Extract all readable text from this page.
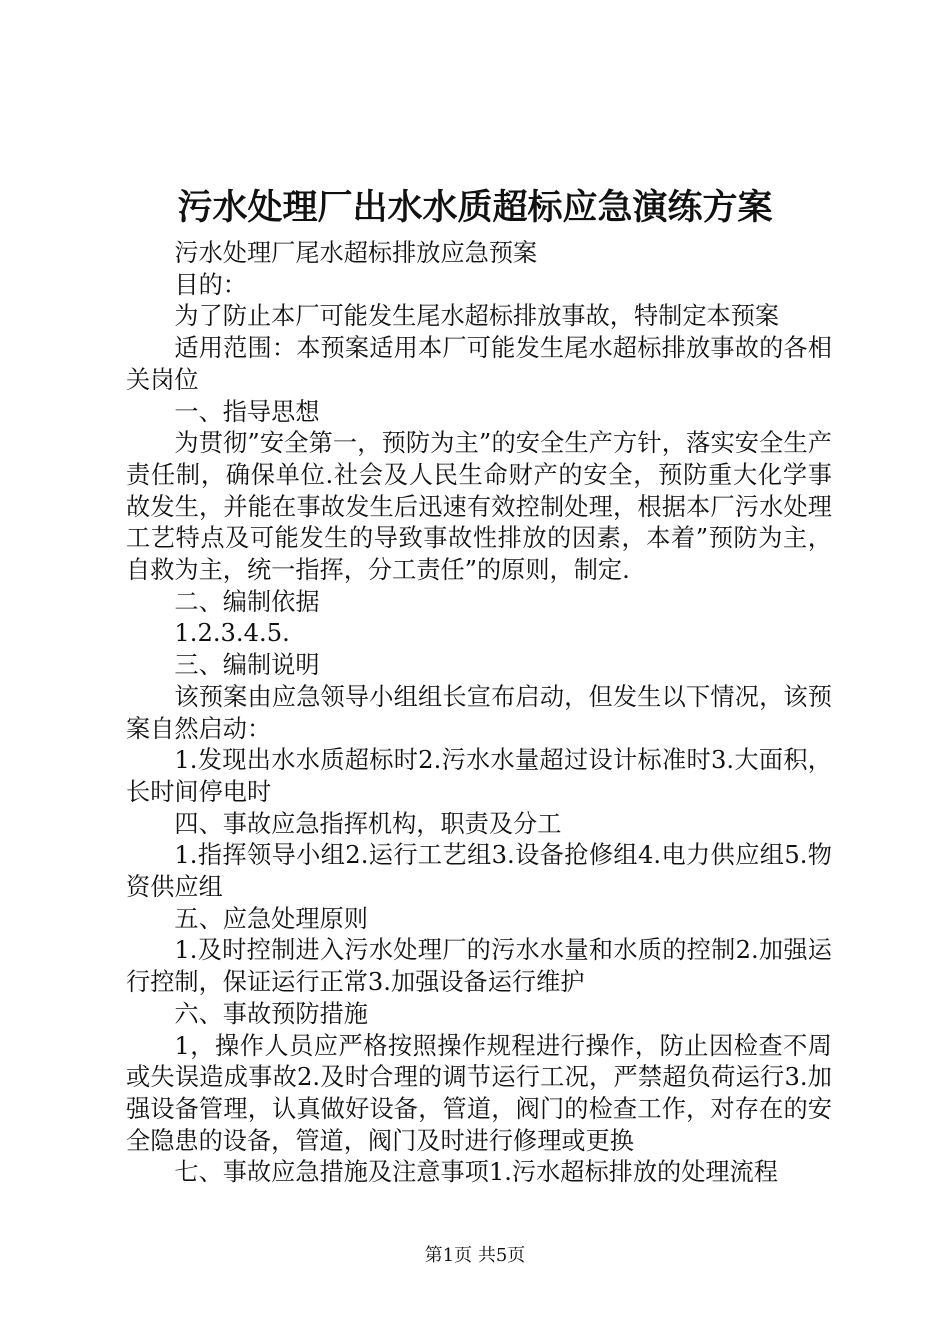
污水处理厂出水水质超标应急演练方案

污水处理厂尾水超标排放应急预案

目的：

为了防止本厂可能发生尾水超标排放事故，特制定本预案

适用范围：本预案适用本厂可能发生尾水超标排放事故的各相关岗位

一、指导思想

为贯彻”安全第一，预防为主”的安全生产方针，落实安全生产责任制，确保单位.社会及人民生命财产的安全，预防重大化学事故发生，并能在事故发生后迅速有效控制处理，根据本厂污水处理工艺特点及可能发生的导致事故性排放的因素，本着”预防为主，自救为主，统一指挥，分工责任”的原则，制定.

二、编制依据

1.2.3.4.5.

三、编制说明

该预案由应急领导小组组长宣布启动，但发生以下情况，该预案自然启动：

1.发现出水水质超标时2.污水水量超过设计标准时3.大面积，长时间停电时

四、事故应急指挥机构，职责及分工

1.指挥领导小组2.运行工艺组3.设备抢修组4.电力供应组5.物资供应组

五、应急处理原则

1.及时控制进入污水处理厂的污水水量和水质的控制2.加强运行控制，保证运行正常3.加强设备运行维护

六、事故预防措施

1，操作人员应严格按照操作规程进行操作，防止因检查不周或失误造成事故2.及时合理的调节运行工况，严禁超负荷运行3.加强设备管理，认真做好设备，管道，阀门的检查工作，对存在的安全隐患的设备，管道，阀门及时进行修理或更换

七、事故应急措施及注意事项1.污水超标排放的处理流程

第1页 共5页
